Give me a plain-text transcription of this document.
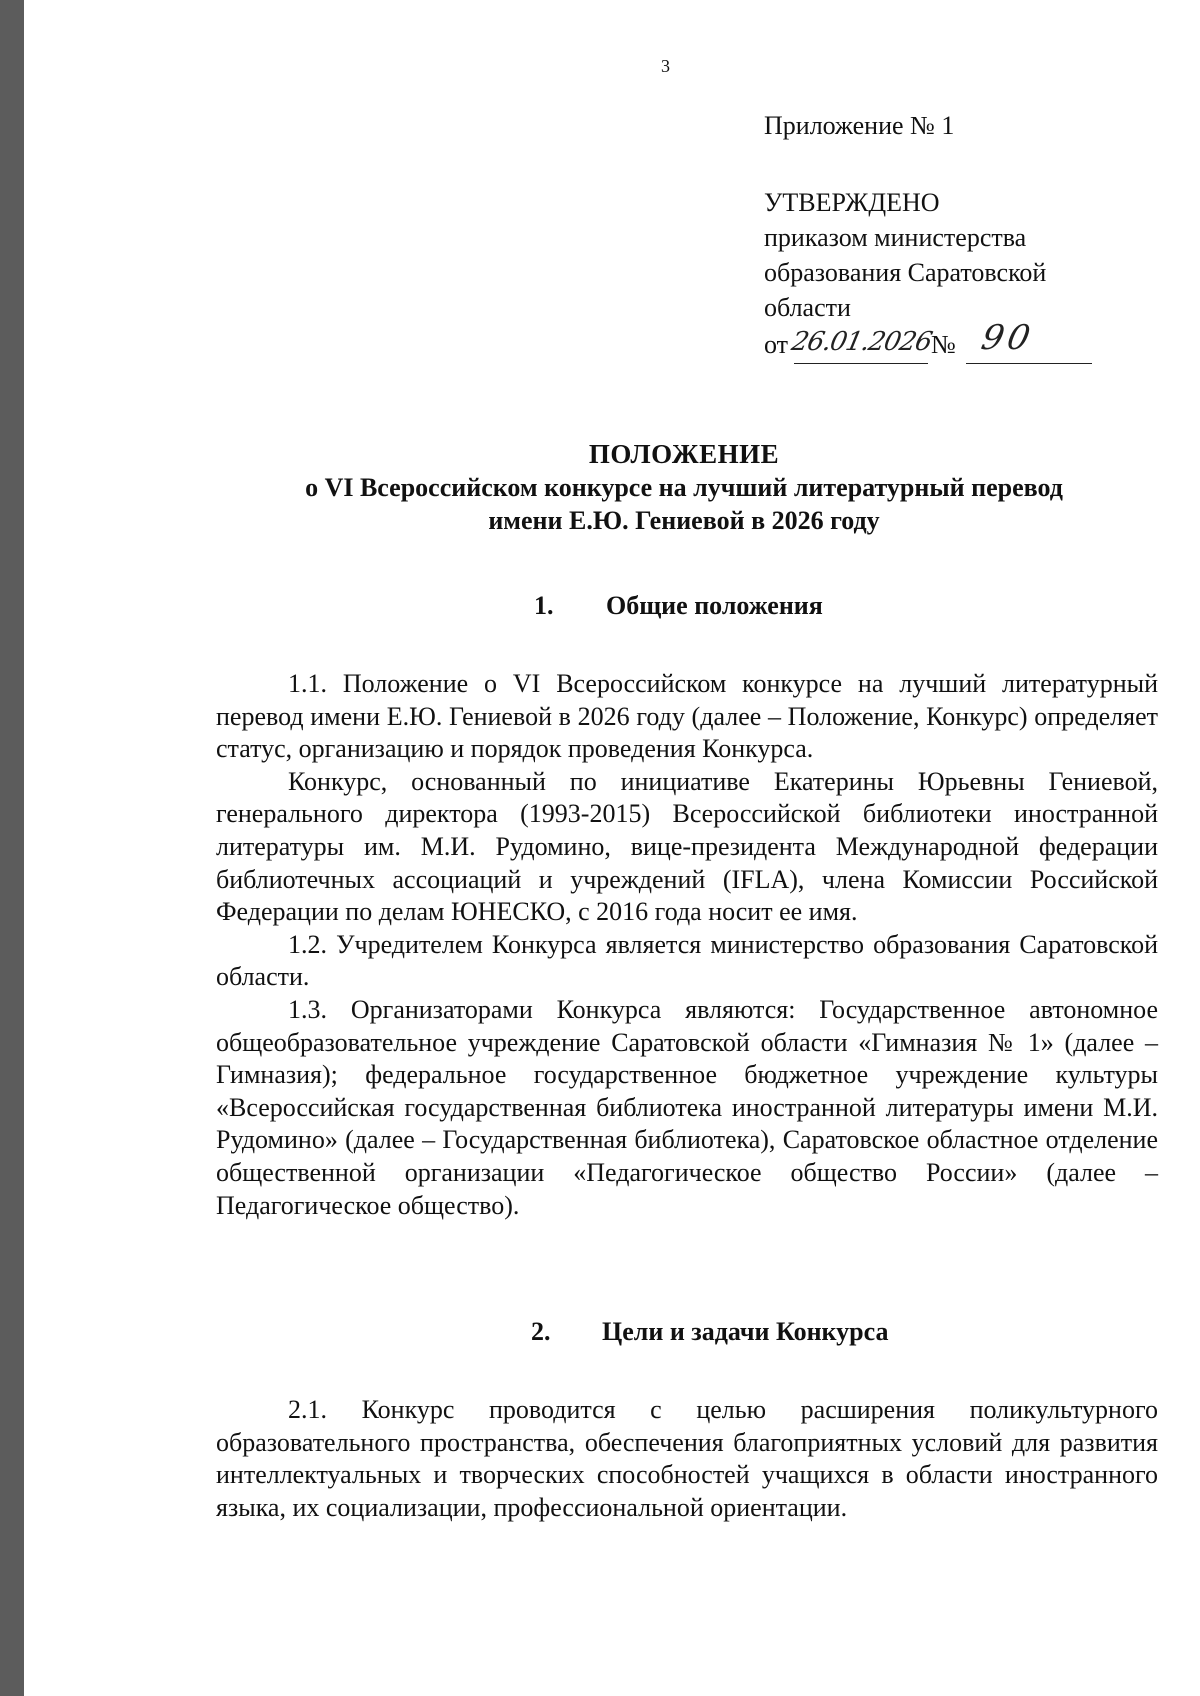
3
Приложение № 1
УТВЕРЖДЕНО
приказом министерства
образования Саратовской
области
от 26.01.2026
№ 90
ПОЛОЖЕНИЕ
о VI Всероссийском конкурсе на лучший литературный перевод
имени Е.Ю. Гениевой в 2026 году
1. Общие положения

1.1. Положение о VI Всероссийском конкурсе на лучший литературный перевод имени Е.Ю. Гениевой в 2026 году (далее – Положение, Конкурс) определяет статус, организацию и порядок проведения Конкурса.

Конкурс, основанный по инициативе Екатерины Юрьевны Гениевой, генерального директора (1993-2015) Всероссийской библиотеки иностранной литературы им. М.И. Рудомино, вице-президента Международной федерации библиотечных ассоциаций и учреждений (IFLA), члена Комиссии Российской Федерации по делам ЮНЕСКО, с 2016 года носит ее имя.

1.2. Учредителем Конкурса является министерство образования Саратовской области.

1.3. Организаторами Конкурса являются: Государственное автономное общеобразовательное учреждение Саратовской области «Гимназия № 1» (далее – Гимназия); федеральное государственное бюджетное учреждение культуры «Всероссийская государственная библиотека иностранной литературы имени М.И. Рудомино» (далее – Государственная библиотека), Саратовское областное отделение общественной организации «Педагогическое общество России» (далее – Педагогическое общество).

2. Цели и задачи Конкурса

2.1. Конкурс проводится с целью расширения поликультурного образовательного пространства, обеспечения благоприятных условий для развития интеллектуальных и творческих способностей учащихся в области иностранного языка, их социализации, профессиональной ориентации.
